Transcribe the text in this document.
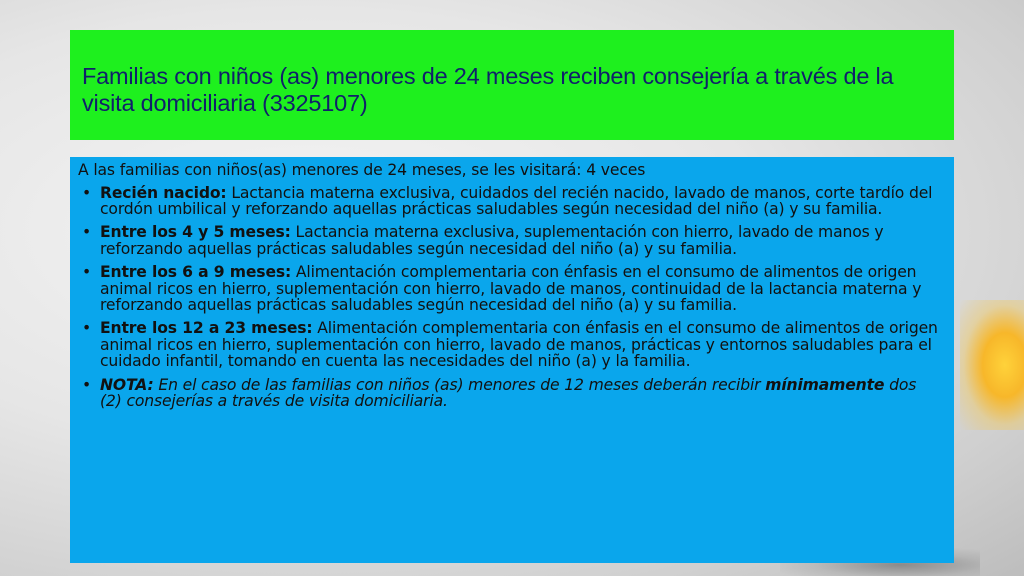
Familias con niños (as) menores de 24 meses reciben consejería a través de la visita domiciliaria (3325107)
A las familias con niños(as) menores de 24 meses, se les visitará: 4 veces
• Recién nacido: Lactancia materna exclusiva, cuidados del recién nacido, lavado de manos, corte tardío del cordón umbilical y reforzando aquellas prácticas saludables según necesidad del niño (a) y su familia.
• Entre los 4 y 5 meses: Lactancia materna exclusiva, suplementación con hierro, lavado de manos y reforzando aquellas prácticas saludables según necesidad del niño (a) y su familia.
• Entre los 6 a 9 meses: Alimentación complementaria con énfasis en el consumo de alimentos de origen animal ricos en hierro, suplementación con hierro, lavado de manos, continuidad de la lactancia materna y reforzando aquellas prácticas saludables según necesidad del niño (a) y su familia.
• Entre los 12 a 23 meses: Alimentación complementaria con énfasis en el consumo de alimentos de origen animal ricos en hierro, suplementación con hierro, lavado de manos, prácticas y entornos saludables para el cuidado infantil, tomando en cuenta las necesidades del niño (a) y la familia.
• NOTA: En el caso de las familias con niños (as) menores de 12 meses deberán recibir mínimamente dos (2) consejerías a través de visita domiciliaria.
